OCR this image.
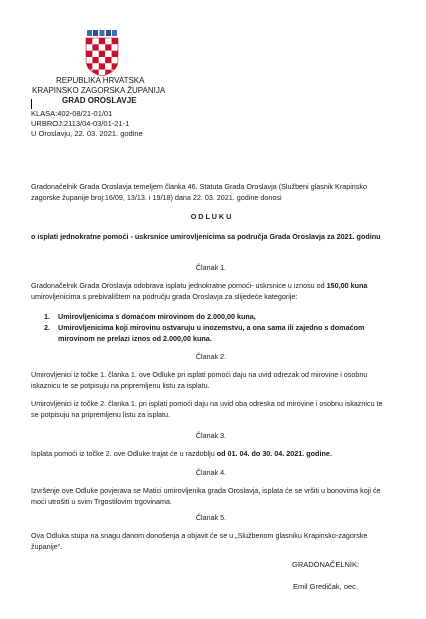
REPUBLIKA HRVATSKA
KRAPINSKO ZAGORSKA ŽUPANIJA
GRAD OROSLAVJE
KLASA:402-08/21-01/01
URBROJ:2113/04-03/01-21-1
U Oroslavju, 22. 03. 2021. godine
Gradonačelnik Grada Oroslavja temeljem članka 46. Statuta Grada Oroslavja (Službeni glasnik Krapinsko zagorske županije broj:16/09, 13/13. i 19/18) dana 22. 03. 2021. godine donosi
O D L U K U
o isplati jednokratne pomoći - uskrsnice umirovljenicima sa područja Grada Oroslavja za 2021. godinu
Članak 1.
Gradonačelnik Grada Oroslavja odobrava isplatu jednokratne pomoći- uskrsnice u iznosu od 150,00 kuna umirovljenicima s prebivalištem na području grada Oroslavja za slijedeće kategorije:
1. Umirovljenicima s domaćom mirovinom do 2.000,00 kuna,
2. Umirovljenicima koji mirovinu ostvaruju u inozemstvu, a ona sama ili zajedno s domaćom mirovinom ne prelazi iznos od 2.000,00 kuna.
Članak 2.
Umirovljenici iz točke 1. članka 1. ove Odluke pri isplati pomoći daju na uvid odrezak od mirovine i osobnu iskaznicu te se potpisuju na pripremljenu listu za isplatu.
Umirovljenici iz točke 2. članka 1. pri isplati pomoći daju na uvid oba odreska od mirovine i osobnu iskaznicu te se potpisuju na pripremljenu listu za isplatu.
Članak 3.
Isplata pomoći iz točke 2. ove Odluke trajat će u razdoblju od 01. 04. do 30. 04. 2021. godine.
Članak 4.
Izvršenje ove Odluke povjerava se Matici umirovljenika grada Oroslavja, isplata će se vršiti u bonovima koji će moći utrošiti u svim Trgostilovim trgovinama.
Članak 5.
Ova Odluka stupa na snagu danom donošenja a objavit će se u „Službenom glasniku Krapinsko-zagorske županije“.
GRADONAČELNIK:
Emil Gredičak, oec.
